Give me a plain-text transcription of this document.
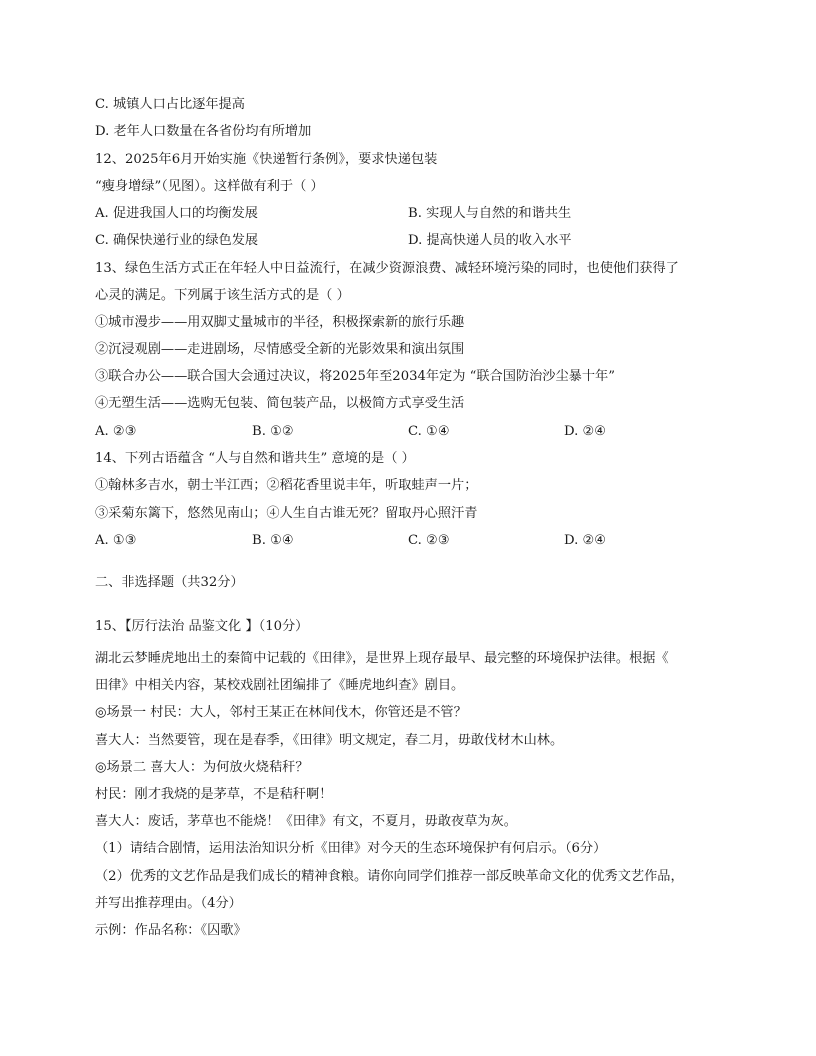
C. 城镇人口占比逐年提高
D. 老年人口数量在各省份均有所增加
12、2025年6月开始实施《快递暂行条例》，要求快递包装
“瘦身增绿”（见图）。这样做有利于（ ）
A. 促进我国人口的均衡发展	B. 实现人与自然的和谐共生
C. 确保快递行业的绿色发展	D. 提高快递人员的收入水平
13、绿色生活方式正在年轻人中日益流行，在减少资源浪费、减轻环境污染的同时，也使他们获得了
心灵的满足。下列属于该生活方式的是（ ）
①城市漫步——用双脚丈量城市的半径，积极探索新的旅行乐趣
②沉浸观剧——走进剧场，尽情感受全新的光影效果和演出氛围
③联合办公——联合国大会通过决议，将2025年至2034年定为 “联合国防治沙尘暴十年”
④无塑生活——选购无包装、简包装产品，以极简方式享受生活
A. ②③	B. ①②	C. ①④	D. ②④
14、下列古语蕴含 “人与自然和谐共生” 意境的是（ ）
①翰林多吉水，朝士半江西；②稻花香里说丰年，听取蛙声一片；
③采菊东篱下，悠然见南山；④人生自古谁无死？留取丹心照汗青
A. ①③	B. ①④	C. ②③	D. ②④
二、非选择题（共32分）
15、【厉行法治 品鉴文化 】（10分）
湖北云梦睡虎地出土的秦简中记载的《田律》，是世界上现存最早、最完整的环境保护法律。根据《
田律》中相关内容，某校戏剧社团编排了《睡虎地纠查》剧目。
◎场景一 村民：大人，邻村王某正在林间伐木，你管还是不管？
喜大人：当然要管，现在是春季，《田律》明文规定，春二月，毋敢伐材木山林。
◎场景二 喜大人：为何放火烧秸秆？
村民：刚才我烧的是茅草，不是秸秆啊！
喜大人：废话，茅草也不能烧！《田律》有文，不夏月，毋敢夜草为灰。
（1）请结合剧情，运用法治知识分析《田律》对今天的生态环境保护有何启示。（6分）
（2）优秀的文艺作品是我们成长的精神食粮。请你向同学们推荐一部反映革命文化的优秀文艺作品，
并写出推荐理由。（4分）
示例：作品名称：《囚歌》
